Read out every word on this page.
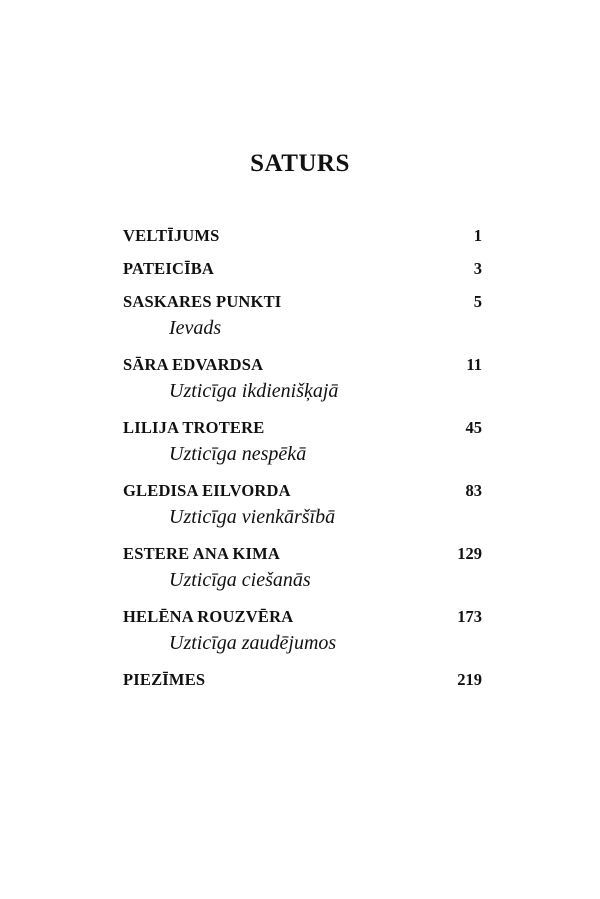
SATURS
VELTĪJUMS	1
PATEICĪBA	3
SASKARES PUNKTI	5
Ievads
SĀRA EDVARDSA	11
Uzticīga ikdienišķajā
LILIJA TROTERE	45
Uzticīga nespēkā
GLEDISA EILVORDA	83
Uzticīga vienkāršībā
ESTERE ANA KIMA	129
Uzticīga ciešanās
HELĒNA ROUZVĒRA	173
Uzticīga zaudējumos
PIEZĪMES	219
